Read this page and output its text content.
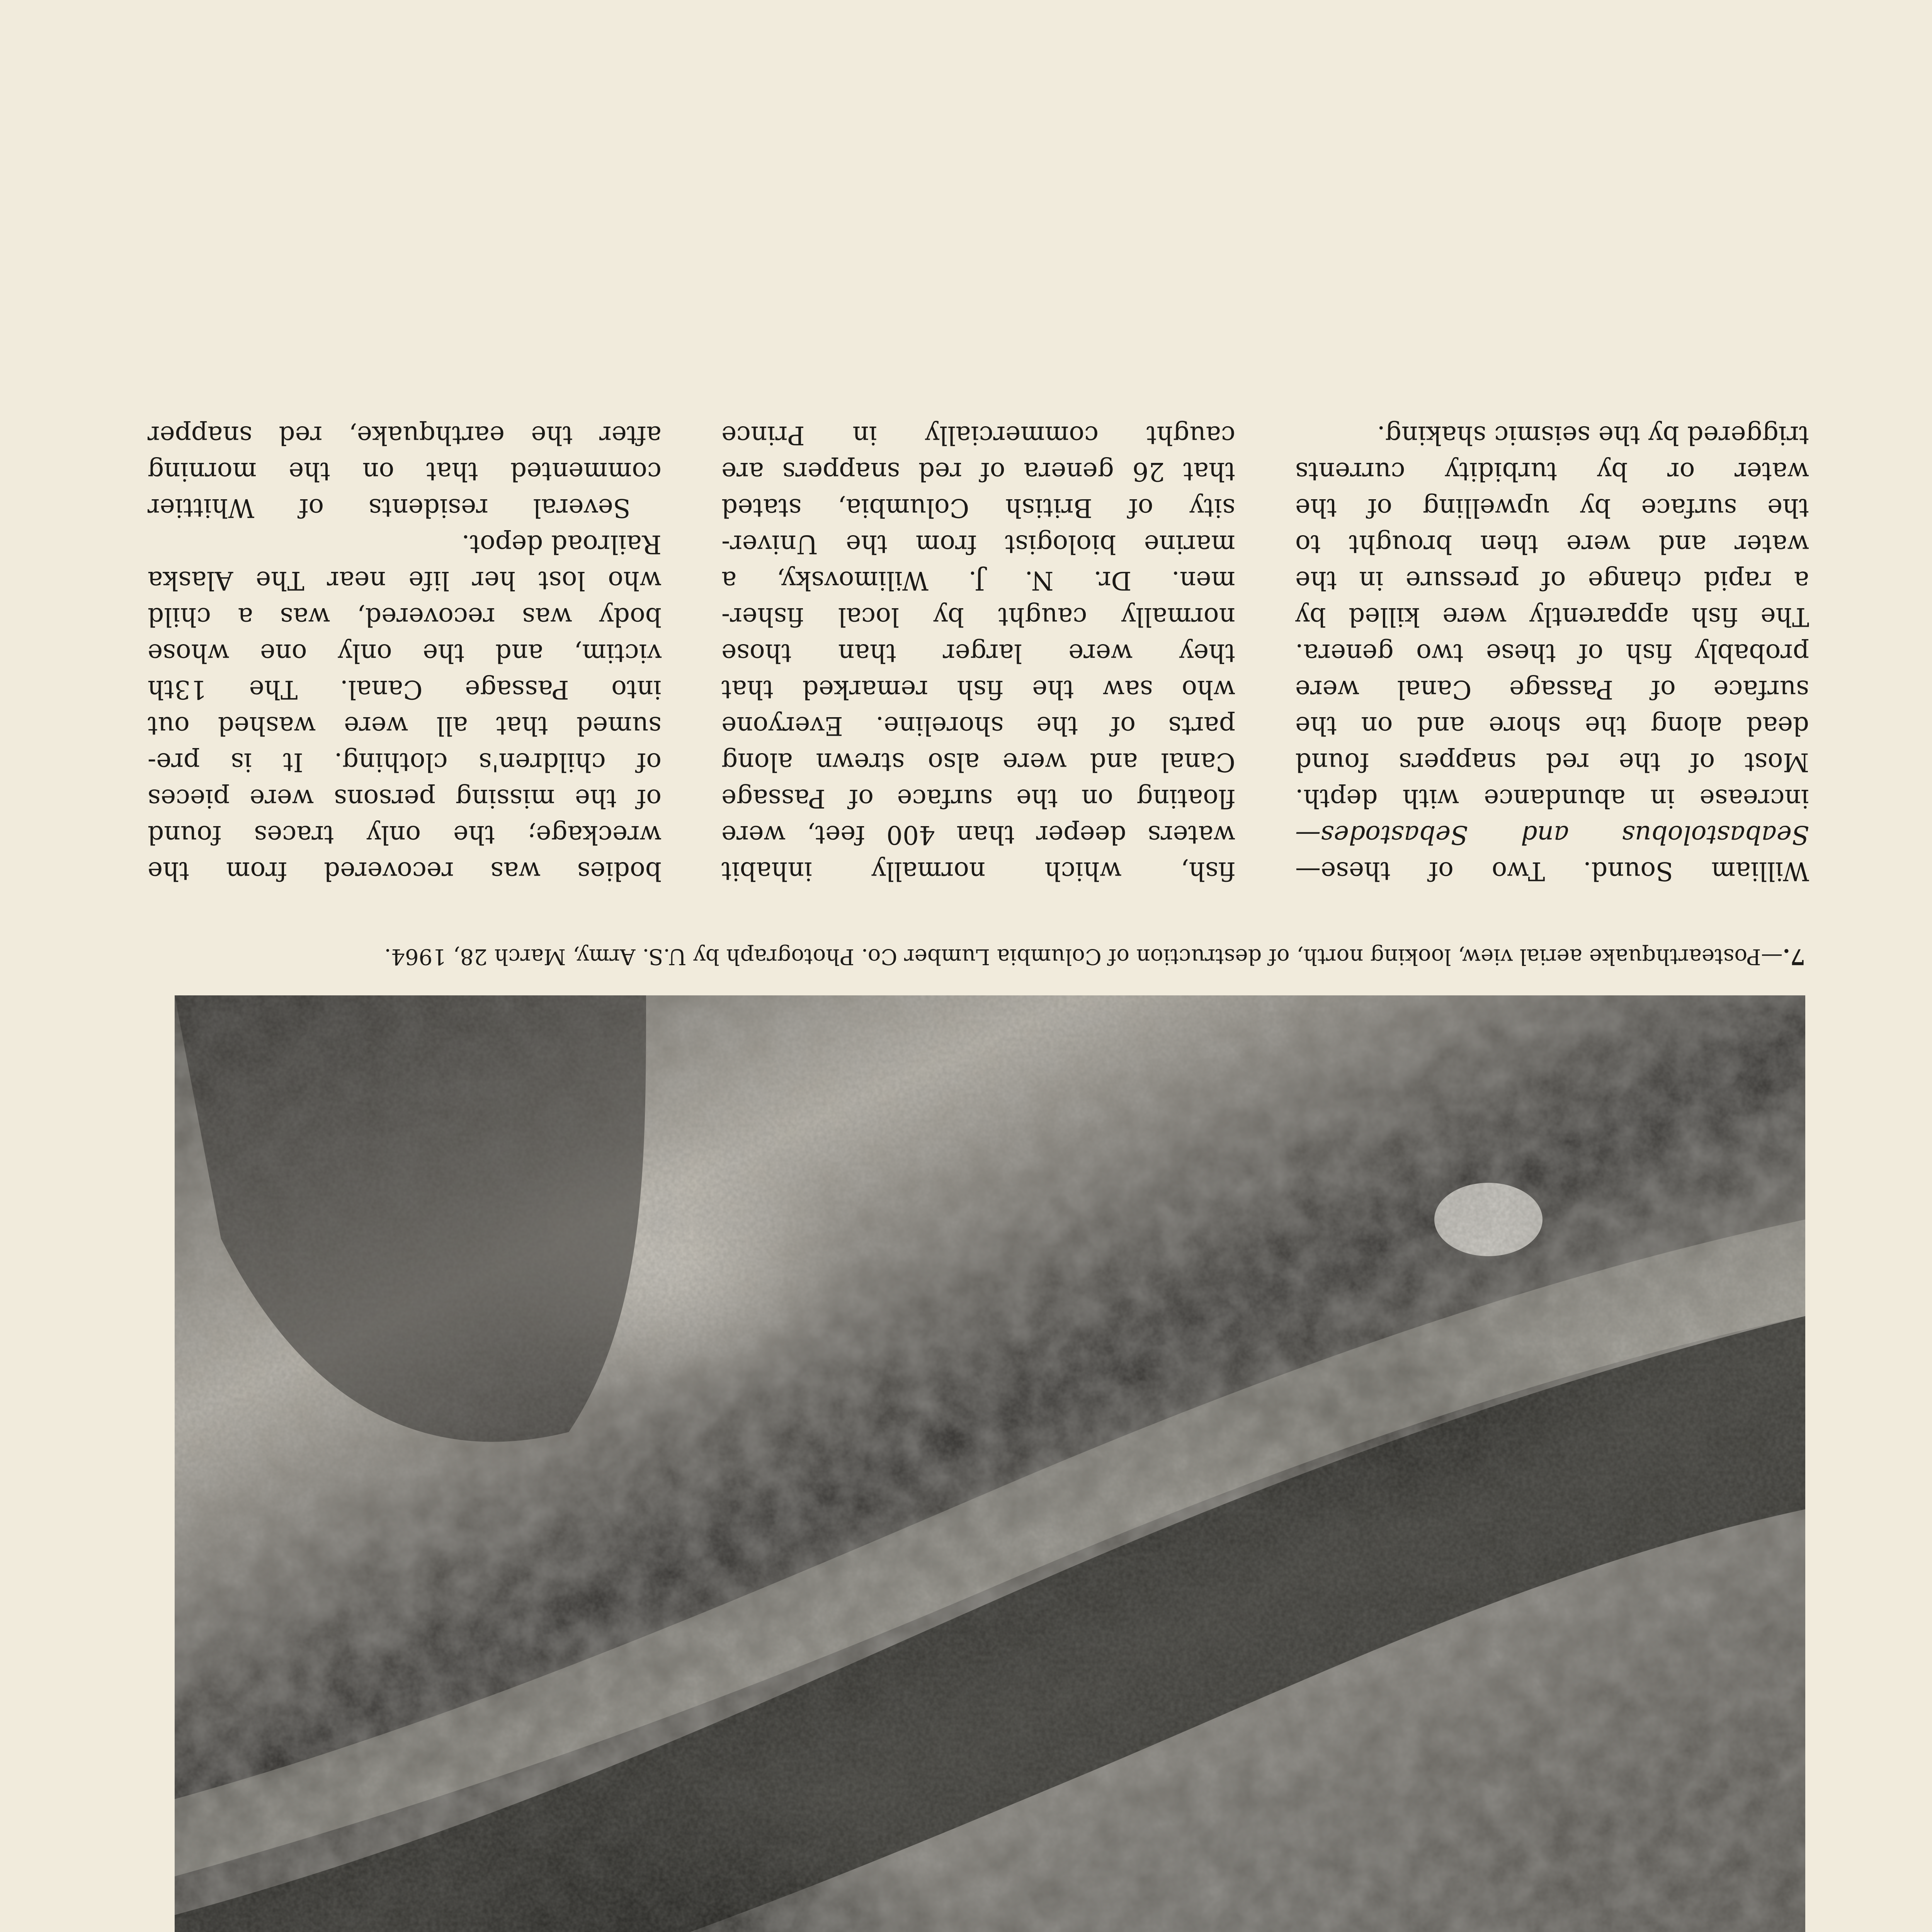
7.—Postearthquake aerial view, looking north, of destruction of Columbia Lumber Co. Photograph by U.S. Army, March 28, 1964.
William Sound. Two of these—
Seabastolobus and Sebastodes—
increase in abundance with depth.
Most of the red snappers found
dead along the shore and on the
surface of Passage Canal were
probably fish of these two genera.
The fish apparently were killed by
a rapid change of pressure in the
water and were then brought to
the surface by upwelling of the
water or by turbidity currents
triggered by the seismic shaking.
fish, which normally inhabit
waters deeper than 400 feet, were
floating on the surface of Passage
Canal and were also strewn along
parts of the shoreline. Everyone
who saw the fish remarked that
they were larger than those
normally caught by local fisher-
men. Dr. N. J. Wilimovsky, a
marine biologist from the Univer-
sity of British Columbia, stated
that 26 genera of red snappers are
caught commercially in Prince
bodies was recovered from the
wreckage; the only traces found
of the missing persons were pieces
of children's clothing. It is pre-
sumed that all were washed out
into Passage Canal. The 13th
victim, and the only one whose
body was recovered, was a child
who lost her life near The Alaska
Railroad depot.
Several residents of Whittier
commented that on the morning
after the earthquake, red snapper
